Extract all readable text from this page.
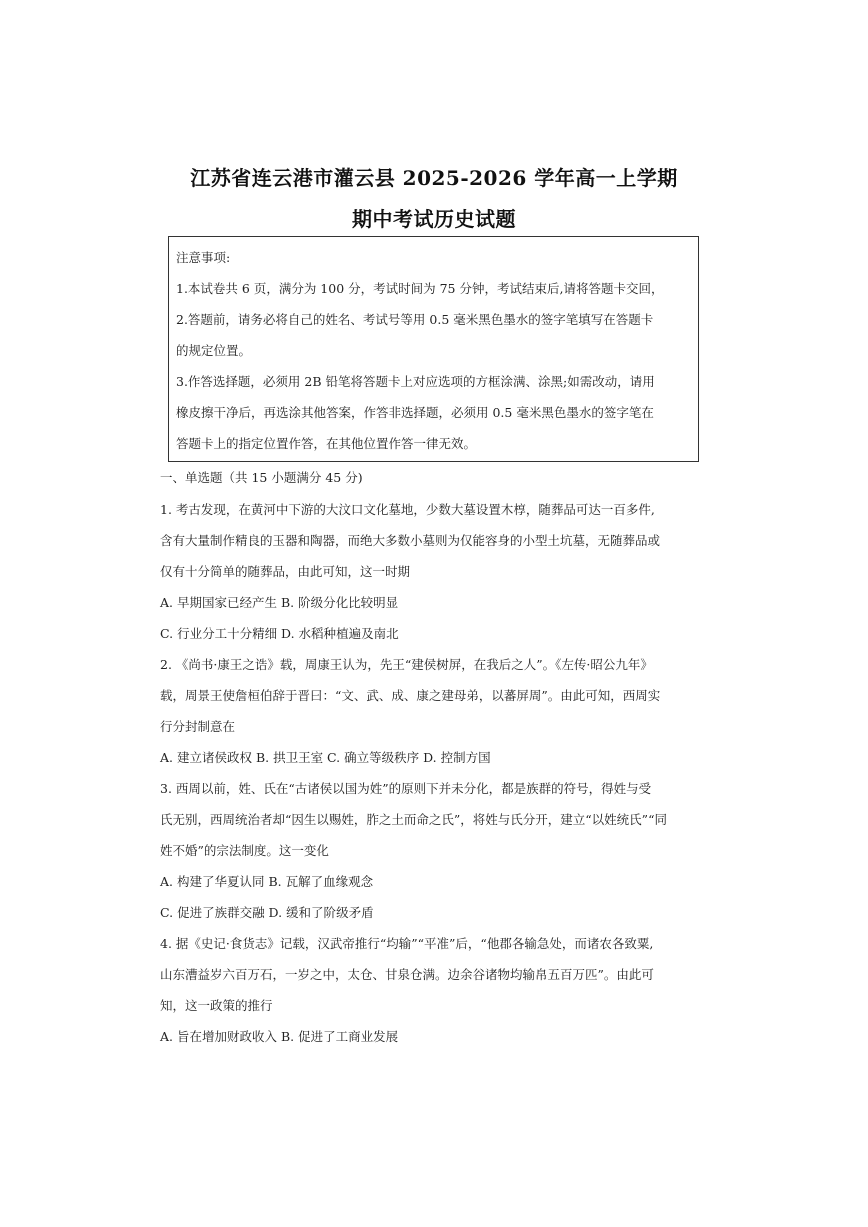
江苏省连云港市灌云县 2025-2026 学年高一上学期
期中考试历史试题
注意事项:
1.本试卷共 6 页，满分为 100 分，考试时间为 75 分钟，考试结束后,请将答题卡交回，
2.答题前，请务必将自己的姓名、考试号等用 0.5 毫米黑色墨水的签字笔填写在答题卡
的规定位置。
3.作答选择题，必须用 2B 铅笔将答题卡上对应选项的方框涂满、涂黑;如需改动，请用
橡皮擦干净后，再选涂其他答案，作答非选择题，必须用 0.5 毫米黑色墨水的签字笔在
答题卡上的指定位置作答，在其他位置作答一律无效。
一、单选题（共 15 小题满分 45 分)
1. 考古发现，在黄河中下游的大汶口文化墓地，少数大墓设置木椁，随葬品可达一百多件,
含有大量制作精良的玉器和陶器，而绝大多数小墓则为仅能容身的小型土坑墓，无随葬品或
仅有十分简单的随葬品，由此可知，这一时期
A. 早期国家已经产生 B. 阶级分化比较明显
C. 行业分工十分精细 D. 水稻种植遍及南北
2. 《尚书·康王之诰》载，周康王认为，先王“建侯树屏，在我后之人”。《左传·昭公九年》
载，周景王使詹桓伯辞于晋曰：“文、武、成、康之建母弟，以蕃屏周”。由此可知，西周实
行分封制意在
A. 建立诸侯政权 B. 拱卫王室 C. 确立等级秩序 D. 控制方国
3. 西周以前，姓、氏在“古诸侯以国为姓”的原则下并未分化，都是族群的符号，得姓与受
氏无别，西周统治者却“因生以赐姓，胙之土而命之氏”，将姓与氏分开，建立“以姓统氏”“同
姓不婚”的宗法制度。这一变化
A. 构建了华夏认同 B. 瓦解了血缘观念
C. 促进了族群交融 D. 缓和了阶级矛盾
4. 据《史记·食货志》记载，汉武帝推行“均输”“平准”后，“他郡各输急处，而诸农各致粟,
山东漕益岁六百万石，一岁之中，太仓、甘泉仓满。边余谷诸物均输帛五百万匹”。由此可
知，这一政策的推行
A. 旨在增加财政收入 B. 促进了工商业发展
